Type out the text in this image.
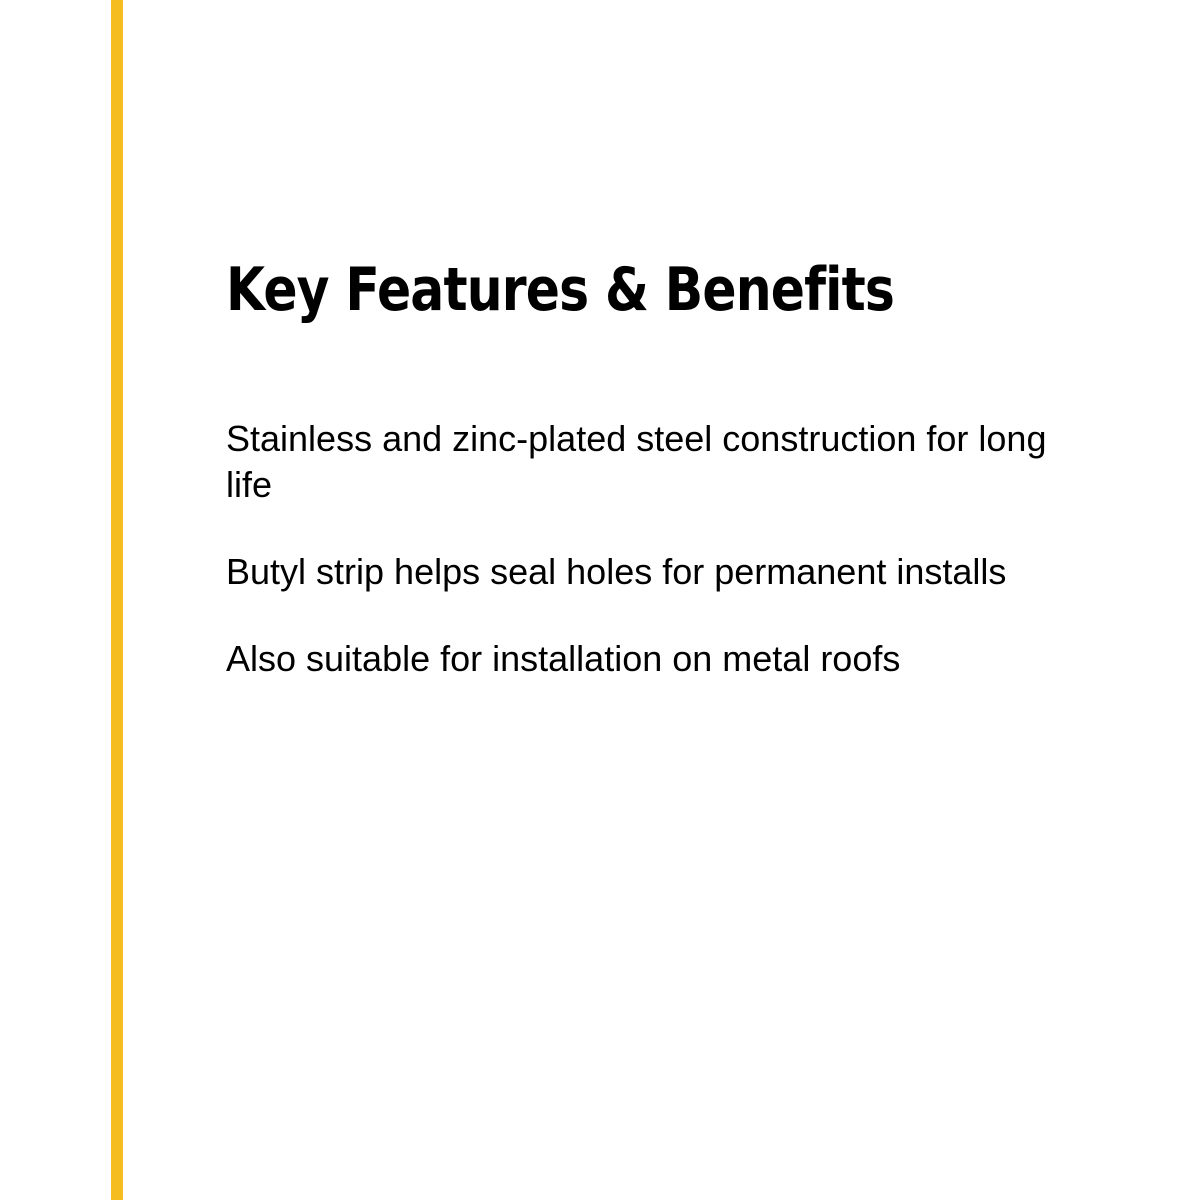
Key Features & Benefits
Stainless and zinc-plated steel construction for long life
Butyl strip helps seal holes for permanent installs
Also suitable for installation on metal roofs
